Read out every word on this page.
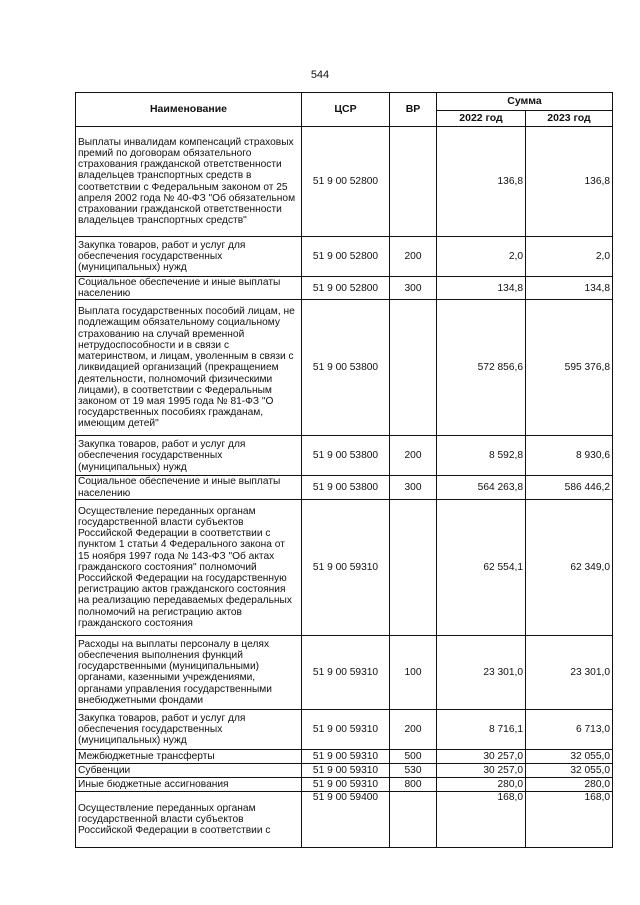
544
Наименование	ЦСР	ВР	Сумма	
			2022 год	2023 год
Выплаты инвалидам компенсаций страховых премий по договорам обязательного страхования гражданской ответственности владельцев транспортных средств в соответствии с Федеральным законом от 25 апреля 2002 года № 40-ФЗ "Об обязательном страховании гражданской ответственности владельцев транспортных средств"	51 9 00 52800		136,8	136,8
Закупка товаров, работ и услуг для обеспечения государственных (муниципальных) нужд	51 9 00 52800	200	2,0	2,0
Социальное обеспечение и иные выплаты населению	51 9 00 52800	300	134,8	134,8
Выплата государственных пособий лицам, не подлежащим обязательному социальному страхованию на случай временной нетрудоспособности и в связи с материнством, и лицам, уволенным в связи с ликвидацией организаций (прекращением деятельности, полномочий физическими лицами), в соответствии с Федеральным законом от 19 мая 1995 года № 81-ФЗ "О государственных пособиях гражданам, имеющим детей"	51 9 00 53800		572 856,6	595 376,8
Закупка товаров, работ и услуг для обеспечения государственных (муниципальных) нужд	51 9 00 53800	200	8 592,8	8 930,6
Социальное обеспечение и иные выплаты населению	51 9 00 53800	300	564 263,8	586 446,2
Осуществление переданных органам государственной власти субъектов Российской Федерации в соответствии с пунктом 1 статьи 4 Федерального закона от 15 ноября 1997 года № 143-ФЗ "Об актах гражданского состояния" полномочий Российской Федерации на государственную регистрацию актов гражданского состояния на реализацию передаваемых федеральных полномочий на регистрацию актов гражданского состояния	51 9 00 59310		62 554,1	62 349,0
Расходы на выплаты персоналу в целях обеспечения выполнения функций государственными (муниципальными) органами, казенными учреждениями, органами управления государственными внебюджетными фондами	51 9 00 59310	100	23 301,0	23 301,0
Закупка товаров, работ и услуг для обеспечения государственных (муниципальных) нужд	51 9 00 59310	200	8 716,1	6 713,0
Межбюджетные трансферты	51 9 00 59310	500	30 257,0	32 055,0
Субвенции	51 9 00 59310	530	30 257,0	32 055,0
Иные бюджетные ассигнования	51 9 00 59310	800	280,0	280,0
Осуществление переданных органам государственной власти субъектов Российской Федерации в соответствии с	51 9 00 59400		168,0	168,0
